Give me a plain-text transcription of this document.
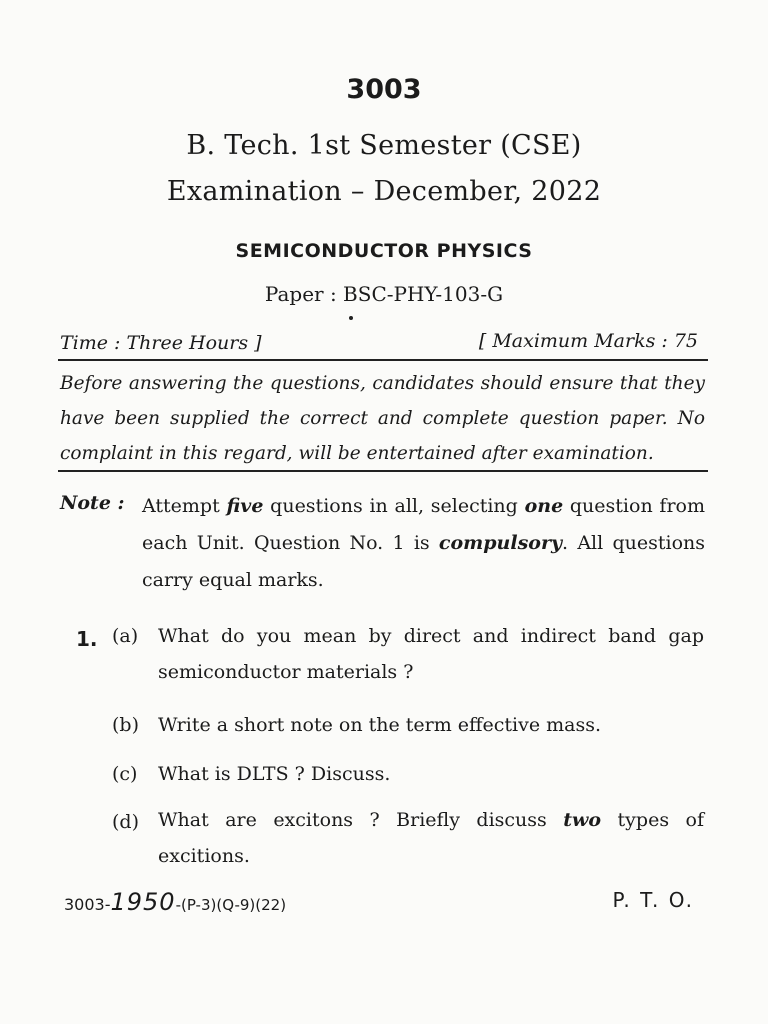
3003
B. Tech. 1st Semester (CSE)
Examination – December, 2022
SEMICONDUCTOR PHYSICS
Paper : BSC-PHY-103-G
Time : Three Hours ]	[ Maximum Marks : 75
Before answering the questions, candidates should ensure that they have been supplied the correct and complete question paper. No complaint in this regard, will be entertained after examination.
Note : Attempt five questions in all, selecting one question from each Unit. Question No. 1 is compulsory. All questions carry equal marks.
1. (a) What do you mean by direct and indirect band gap semiconductor materials ?
(b) Write a short note on the term effective mass.
(c) What is DLTS ? Discuss.
(d) What are excitons ? Briefly discuss two types of excitions.
3003-1950-(P-3)(Q-9)(22)	P. T. O.
